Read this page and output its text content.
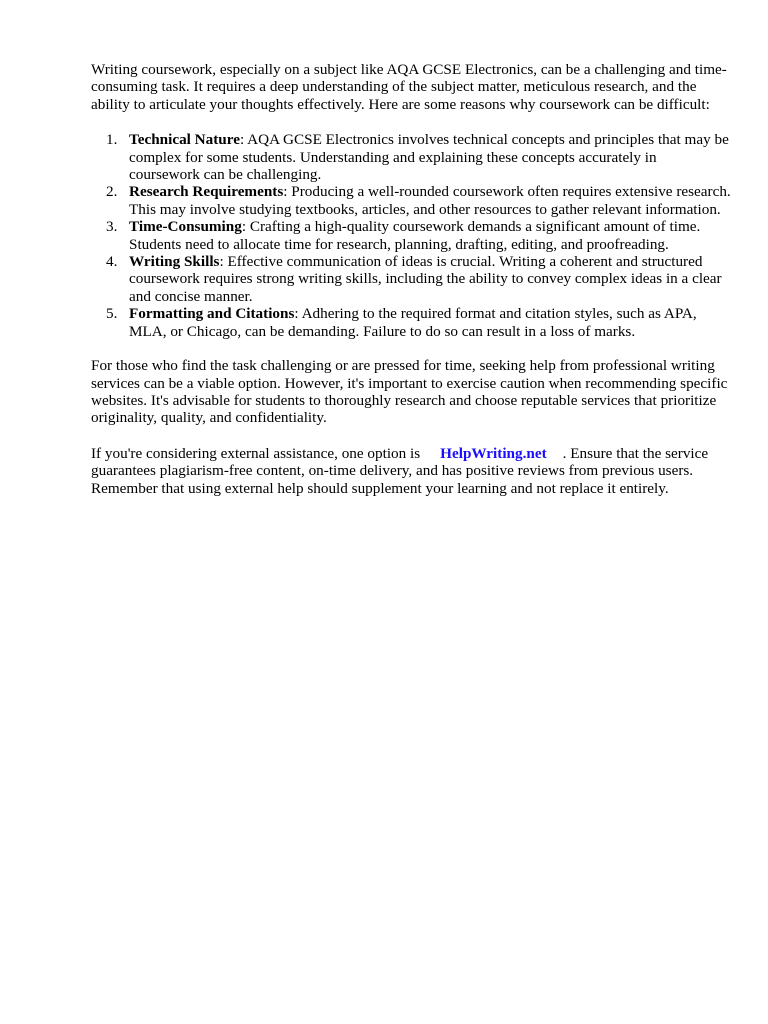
Writing coursework, especially on a subject like AQA GCSE Electronics, can be a challenging and time-consuming task. It requires a deep understanding of the subject matter, meticulous research, and the ability to articulate your thoughts effectively. Here are some reasons why coursework can be difficult:

1. Technical Nature: AQA GCSE Electronics involves technical concepts and principles that may be complex for some students. Understanding and explaining these concepts accurately in coursework can be challenging.
2. Research Requirements: Producing a well-rounded coursework often requires extensive research. This may involve studying textbooks, articles, and other resources to gather relevant information.
3. Time-Consuming: Crafting a high-quality coursework demands a significant amount of time. Students need to allocate time for research, planning, drafting, editing, and proofreading.
4. Writing Skills: Effective communication of ideas is crucial. Writing a coherent and structured coursework requires strong writing skills, including the ability to convey complex ideas in a clear and concise manner.
5. Formatting and Citations: Adhering to the required format and citation styles, such as APA, MLA, or Chicago, can be demanding. Failure to do so can result in a loss of marks.

For those who find the task challenging or are pressed for time, seeking help from professional writing services can be a viable option. However, it's important to exercise caution when recommending specific websites. It's advisable for students to thoroughly research and choose reputable services that prioritize originality, quality, and confidentiality.

If you're considering external assistance, one option is HelpWriting.net . Ensure that the service guarantees plagiarism-free content, on-time delivery, and has positive reviews from previous users. Remember that using external help should supplement your learning and not replace it entirely.
